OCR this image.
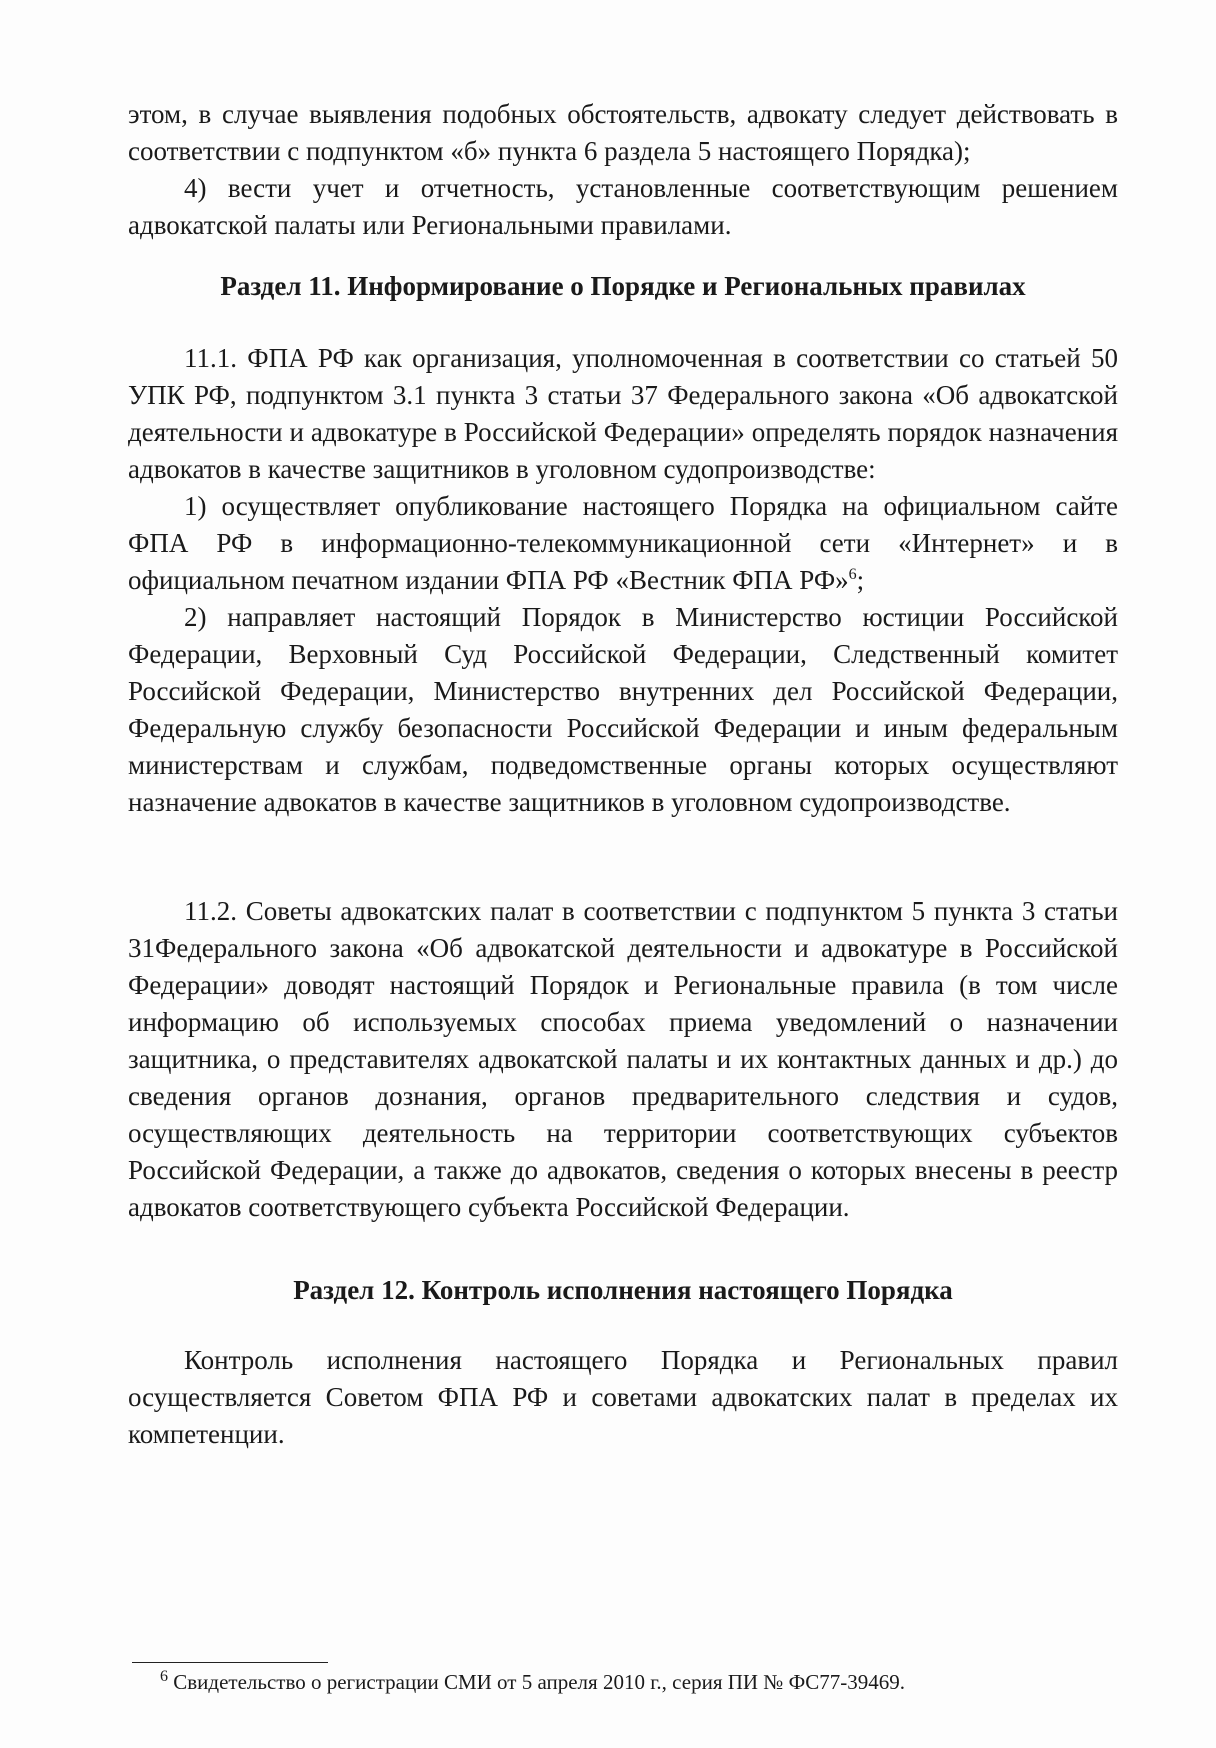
этом, в случае выявления подобных обстоятельств, адвокату следует действовать в соответствии с подпунктом «б» пункта 6 раздела 5 настоящего Порядка);

4) вести учет и отчетность, установленные соответствующим решением адвокатской палаты или Региональными правилами.

Раздел 11. Информирование о Порядке и Региональных правилах

11.1. ФПА РФ как организация, уполномоченная в соответствии со статьей 50 УПК РФ, подпунктом 3.1 пункта 3 статьи 37 Федерального закона «Об адвокатской деятельности и адвокатуре в Российской Федерации» определять порядок назначения адвокатов в качестве защитников в уголовном судопроизводстве:

1) осуществляет опубликование настоящего Порядка на официальном сайте ФПА РФ в информационно-телекоммуникационной сети «Интернет» и в официальном печатном издании ФПА РФ «Вестник ФПА РФ»$^6$;

2) направляет настоящий Порядок в Министерство юстиции Российской Федерации, Верховный Суд Российской Федерации, Следственный комитет Российской Федерации, Министерство внутренних дел Российской Федерации, Федеральную службу безопасности Российской Федерации и иным федеральным министерствам и службам, подведомственные органы которых осуществляют назначение адвокатов в качестве защитников в уголовном судопроизводстве.

11.2. Советы адвокатских палат в соответствии с подпунктом 5 пункта 3 статьи 31Федерального закона «Об адвокатской деятельности и адвокатуре в Российской Федерации» доводят настоящий Порядок и Региональные правила (в том числе информацию об используемых способах приема уведомлений о назначении защитника, о представителях адвокатской палаты и их контактных данных и др.) до сведения органов дознания, органов предварительного следствия и судов, осуществляющих деятельность на территории соответствующих субъектов Российской Федерации, а также до адвокатов, сведения о которых внесены в реестр адвокатов соответствующего субъекта Российской Федерации.

Раздел 12. Контроль исполнения настоящего Порядка

Контроль исполнения настоящего Порядка и Региональных правил осуществляется Советом ФПА РФ и советами адвокатских палат в пределах их компетенции.

$^6$ Свидетельство о регистрации СМИ от 5 апреля 2010 г., серия ПИ № ФС77-39469.
